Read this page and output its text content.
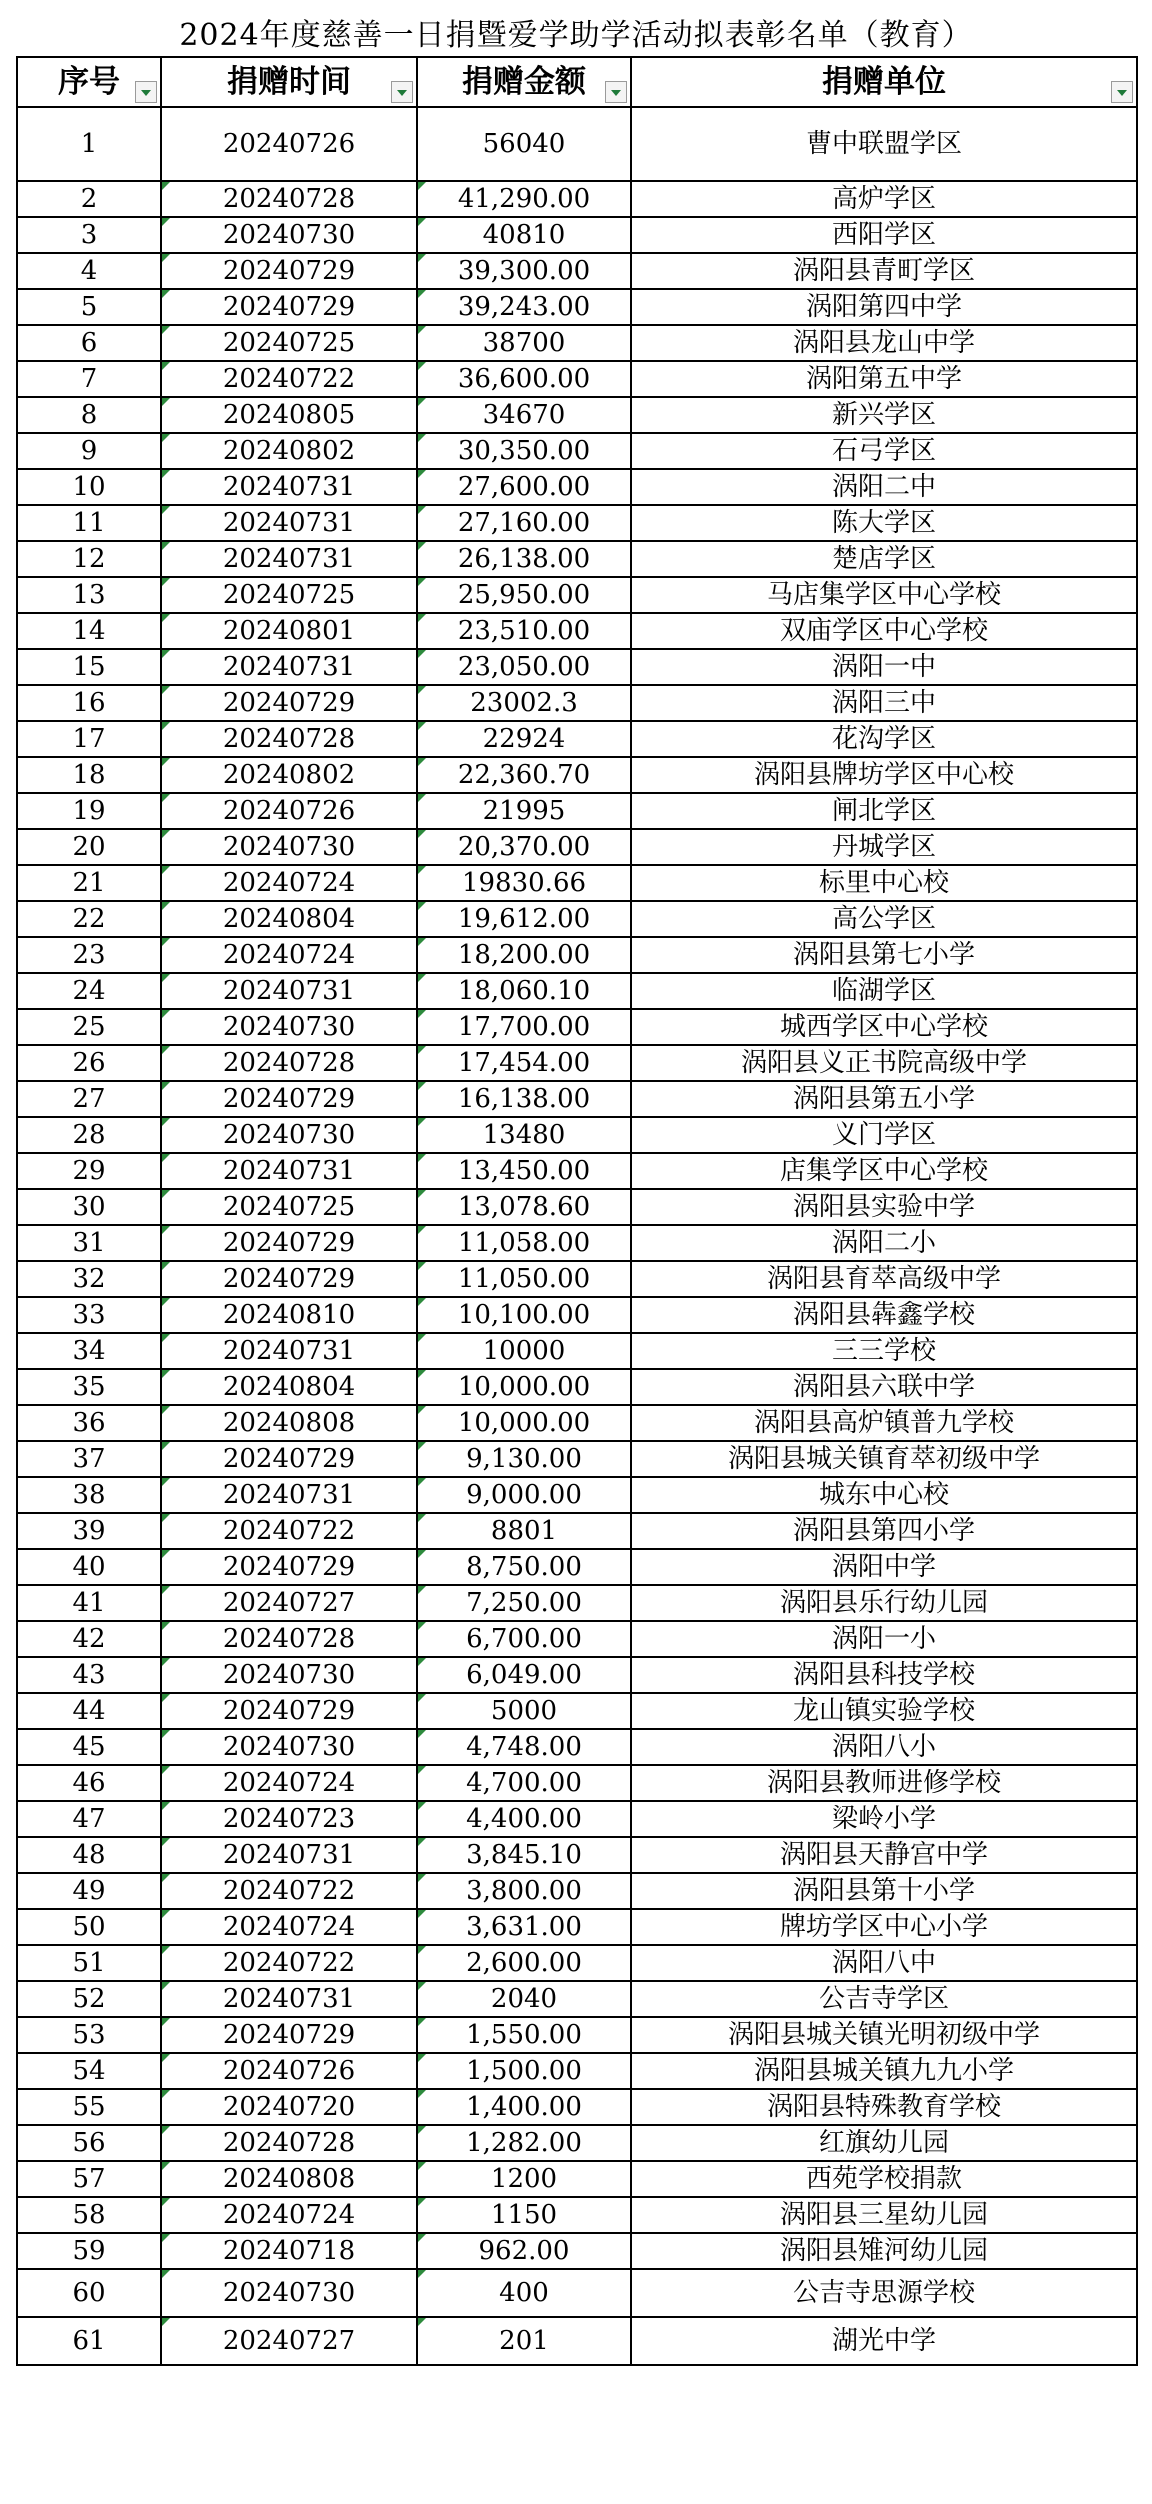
2024年度慈善一日捐暨爱学助学活动拟表彰名单（教育）
序号	捐赠时间	捐赠金额	捐赠单位

1	20240726	56040	曹中联盟学区
2	20240728	41,290.00	高炉学区
3	20240730	40810	西阳学区
4	20240729	39,300.00	涡阳县青町学区
5	20240729	39,243.00	涡阳第四中学
6	20240725	38700	涡阳县龙山中学
7	20240722	36,600.00	涡阳第五中学
8	20240805	34670	新兴学区
9	20240802	30,350.00	石弓学区
10	20240731	27,600.00	涡阳二中
11	20240731	27,160.00	陈大学区
12	20240731	26,138.00	楚店学区
13	20240725	25,950.00	马店集学区中心学校
14	20240801	23,510.00	双庙学区中心学校
15	20240731	23,050.00	涡阳一中
16	20240729	23002.3	涡阳三中
17	20240728	22924	花沟学区
18	20240802	22,360.70	涡阳县牌坊学区中心校
19	20240726	21995	闸北学区
20	20240730	20,370.00	丹城学区
21	20240724	19830.66	标里中心校
22	20240804	19,612.00	高公学区
23	20240724	18,200.00	涡阳县第七小学
24	20240731	18,060.10	临湖学区
25	20240730	17,700.00	城西学区中心学校
26	20240728	17,454.00	涡阳县义正书院高级中学
27	20240729	16,138.00	涡阳县第五小学
28	20240730	13480	义门学区
29	20240731	13,450.00	店集学区中心学校
30	20240725	13,078.60	涡阳县实验中学
31	20240729	11,058.00	涡阳二小
32	20240729	11,050.00	涡阳县育萃高级中学
33	20240810	10,100.00	涡阳县犇鑫学校
34	20240731	10000	三三学校
35	20240804	10,000.00	涡阳县六联中学
36	20240808	10,000.00	涡阳县高炉镇普九学校
37	20240729	9,130.00	涡阳县城关镇育萃初级中学
38	20240731	9,000.00	城东中心校
39	20240722	8801	涡阳县第四小学
40	20240729	8,750.00	涡阳中学
41	20240727	7,250.00	涡阳县乐行幼儿园
42	20240728	6,700.00	涡阳一小
43	20240730	6,049.00	涡阳县科技学校
44	20240729	5000	龙山镇实验学校
45	20240730	4,748.00	涡阳八小
46	20240724	4,700.00	涡阳县教师进修学校
47	20240723	4,400.00	梁岭小学
48	20240731	3,845.10	涡阳县天静宫中学
49	20240722	3,800.00	涡阳县第十小学
50	20240724	3,631.00	牌坊学区中心小学
51	20240722	2,600.00	涡阳八中
52	20240731	2040	公吉寺学区
53	20240729	1,550.00	涡阳县城关镇光明初级中学
54	20240726	1,500.00	涡阳县城关镇九九小学
55	20240720	1,400.00	涡阳县特殊教育学校
56	20240728	1,282.00	红旗幼儿园
57	20240808	1200	西苑学校捐款
58	20240724	1150	涡阳县三星幼儿园
59	20240718	962.00	涡阳县雉河幼儿园
60	20240730	400	公吉寺思源学校
61	20240727	201	湖光中学
